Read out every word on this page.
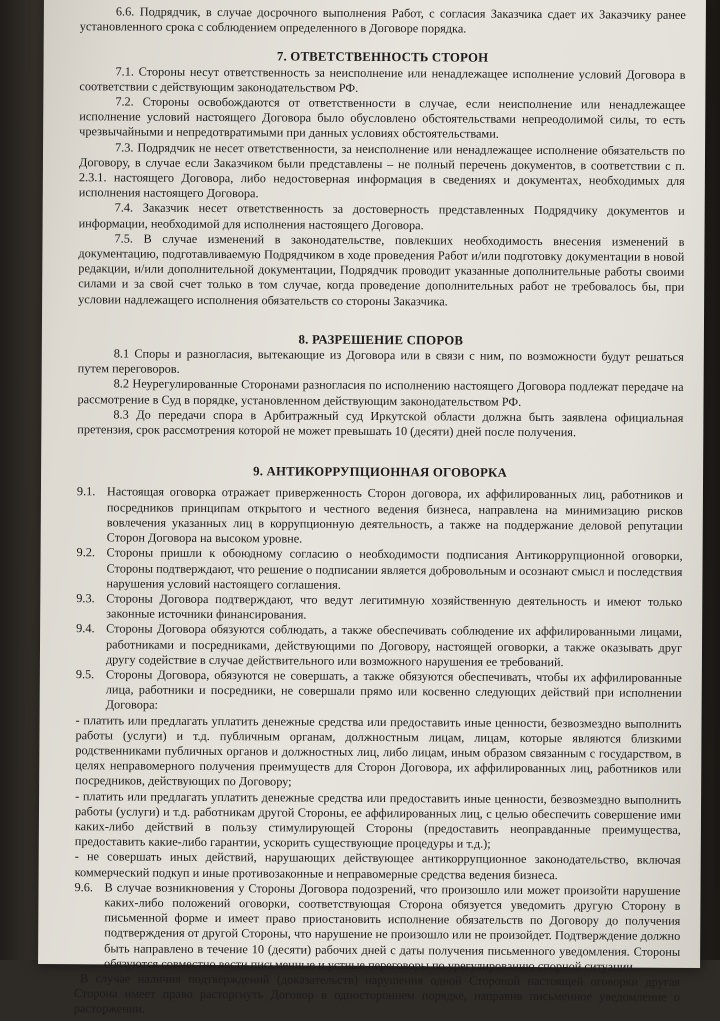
6.6. Подрядчик, в случае досрочного выполнения Работ, с согласия Заказчика сдает их Заказчику ранее установленного срока с соблюдением определенного в Договоре порядка.

7. ОТВЕТСТВЕННОСТЬ СТОРОН

7.1. Стороны несут ответственность за неисполнение или ненадлежащее исполнение условий Договора в соответствии с действующим законодательством РФ.

7.2. Стороны освобождаются от ответственности в случае, если неисполнение или ненадлежащее исполнение условий настоящего Договора было обусловлено обстоятельствами непреодолимой силы, то есть чрезвычайными и непредотвратимыми при данных условиях обстоятельствами.

7.3. Подрядчик не несет ответственности, за неисполнение или ненадлежащее исполнение обязательств по Договору, в случае если Заказчиком были представлены – не полный перечень документов, в соответствии с п. 2.3.1. настоящего Договора, либо недостоверная информация в сведениях и документах, необходимых для исполнения настоящего Договора.

7.4. Заказчик несет ответственность за достоверность представленных Подрядчику документов и информации, необходимой для исполнения настоящего Договора.

7.5. В случае изменений в законодательстве, повлекших необходимость внесения изменений в документацию, подготавливаемую Подрядчиком в ходе проведения Работ и/или подготовку документации в новой редакции, и/или дополнительной документации, Подрядчик проводит указанные дополнительные работы своими силами и за свой счет только в том случае, когда проведение дополнительных работ не требовалось бы, при условии надлежащего исполнения обязательств со стороны Заказчика.

8. РАЗРЕШЕНИЕ СПОРОВ

8.1 Споры и разногласия, вытекающие из Договора или в связи с ним, по возможности будут решаться путем переговоров.

8.2 Неурегулированные Сторонами разногласия по исполнению настоящего Договора подлежат передаче на рассмотрение в Суд в порядке, установленном действующим законодательством РФ.

8.3 До передачи спора в Арбитражный суд Иркутской области должна быть заявлена официальная претензия, срок рассмотрения которой не может превышать 10 (десяти) дней после получения.

9. АНТИКОРРУПЦИОННАЯ ОГОВОРКА

9.1. Настоящая оговорка отражает приверженность Сторон договора, их аффилированных лиц, работников и посредников принципам открытого и честного ведения бизнеса, направлена на минимизацию рисков вовлечения указанных лиц в коррупционную деятельность, а также на поддержание деловой репутации Сторон Договора на высоком уровне.
9.2. Стороны пришли к обоюдному согласию о необходимости подписания Антикоррупционной оговорки, Стороны подтверждают, что решение о подписании является добровольным и осознают смысл и последствия нарушения условий настоящего соглашения.
9.3. Стороны Договора подтверждают, что ведут легитимную хозяйственную деятельность и имеют только законные источники финансирования.
9.4. Стороны Договора обязуются соблюдать, а также обеспечивать соблюдение их аффилированными лицами, работниками и посредниками, действующими по Договору, настоящей оговорки, а также оказывать друг другу содействие в случае действительного или возможного нарушения ее требований.
9.5. Стороны Договора, обязуются не совершать, а также обязуются обеспечивать, чтобы их аффилированные лица, работники и посредники, не совершали прямо или косвенно следующих действий при исполнении Договора:

- платить или предлагать уплатить денежные средства или предоставить иные ценности, безвозмездно выполнить работы (услуги) и т.д. публичным органам, должностным лицам, лицам, которые являются близкими родственниками публичных органов и должностных лиц, либо лицам, иным образом связанным с государством, в целях неправомерного получения преимуществ для Сторон Договора, их аффилированных лиц, работников или посредников, действующих по Договору;

- платить или предлагать уплатить денежные средства или предоставить иные ценности, безвозмездно выполнить работы (услуги) и т.д. работникам другой Стороны, ее аффилированных лиц, с целью обеспечить совершение ими каких-либо действий в пользу стимулирующей Стороны (предоставить неоправданные преимущества, предоставить какие-либо гарантии, ускорить существующие процедуры и т.д.);

- не совершать иных действий, нарушающих действующее антикоррупционное законодательство, включая коммерческий подкуп и иные противозаконные и неправомерные средства ведения бизнеса.

9.6. В случае возникновения у Стороны Договора подозрений, что произошло или может произойти нарушение каких-либо положений оговорки, соответствующая Сторона обязуется уведомить другую Сторону в письменной форме и имеет право приостановить исполнение обязательств по Договору до получения подтверждения от другой Стороны, что нарушение не произошло или не произойдет. Подтверждение должно быть направлено в течение 10 (десяти) рабочих дней с даты получения письменного уведомления. Стороны обязуются совместно вести письменные и устные переговоры по урегулированию спорной ситуации.

В случае наличия подтверждений (доказательств) нарушения одной Стороной настоящей оговорки другая Сторона имеет право расторгнуть Договор в одностороннем порядке, направив письменное уведомление о расторжении.
